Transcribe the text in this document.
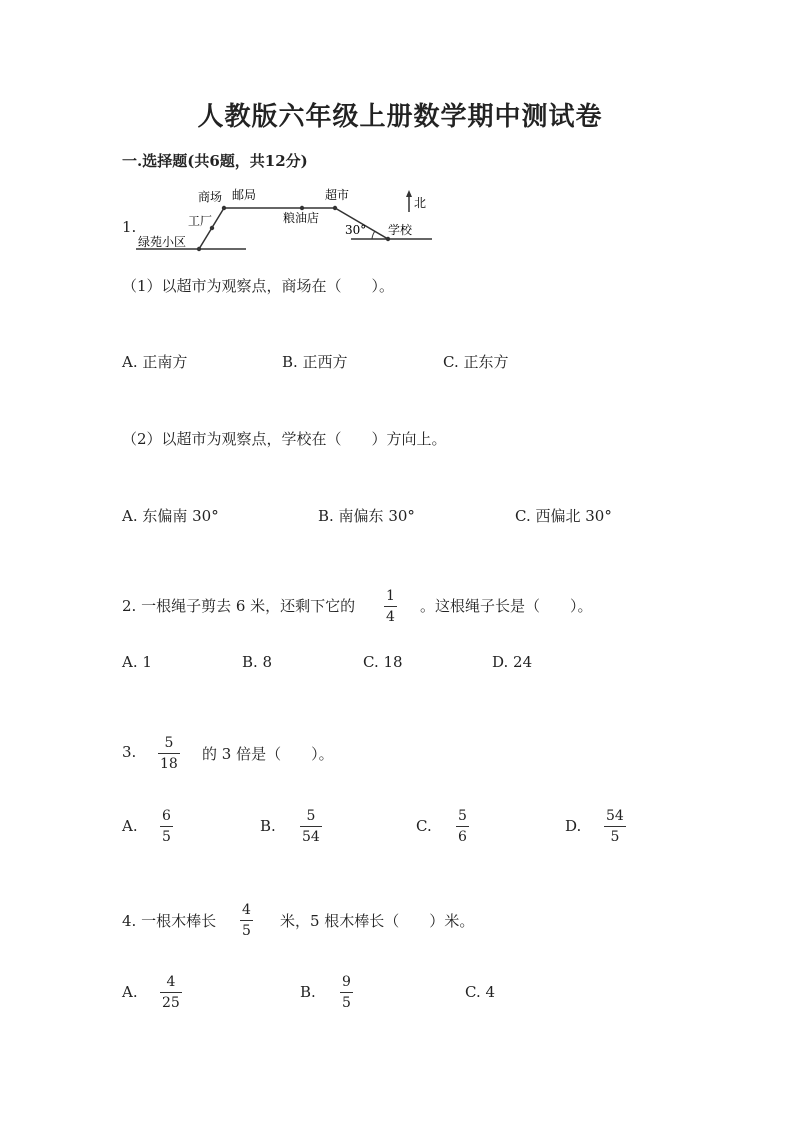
人教版六年级上册数学期中测试卷
一.选择题(共6题，共12分)
1.
商场 邮局	超市
工厂	粮油店
学校
绿苑小区
北
30°
（1）以超市为观察点，商场在（　　）。
A. 正南方	B. 正西方	C. 正东方
（2）以超市为观察点，学校在（　　）方向上。
A. 东偏南 30°	B. 南偏东 30°	C. 西偏北 30°
2. 一根绳子剪去 6 米，还剩下它的
1
4
。这根绳子长是（　　）。
A. 1	B. 8	C. 18	D. 24
3. 5
18
的 3 倍是（　　）。
A.
6
5
B.
5
54
C.
5
6
D.
54
5
4. 一根木棒长
4
5
米，5 根木棒长（　　）米。
A.
4
25
B.
9
5
C. 4
